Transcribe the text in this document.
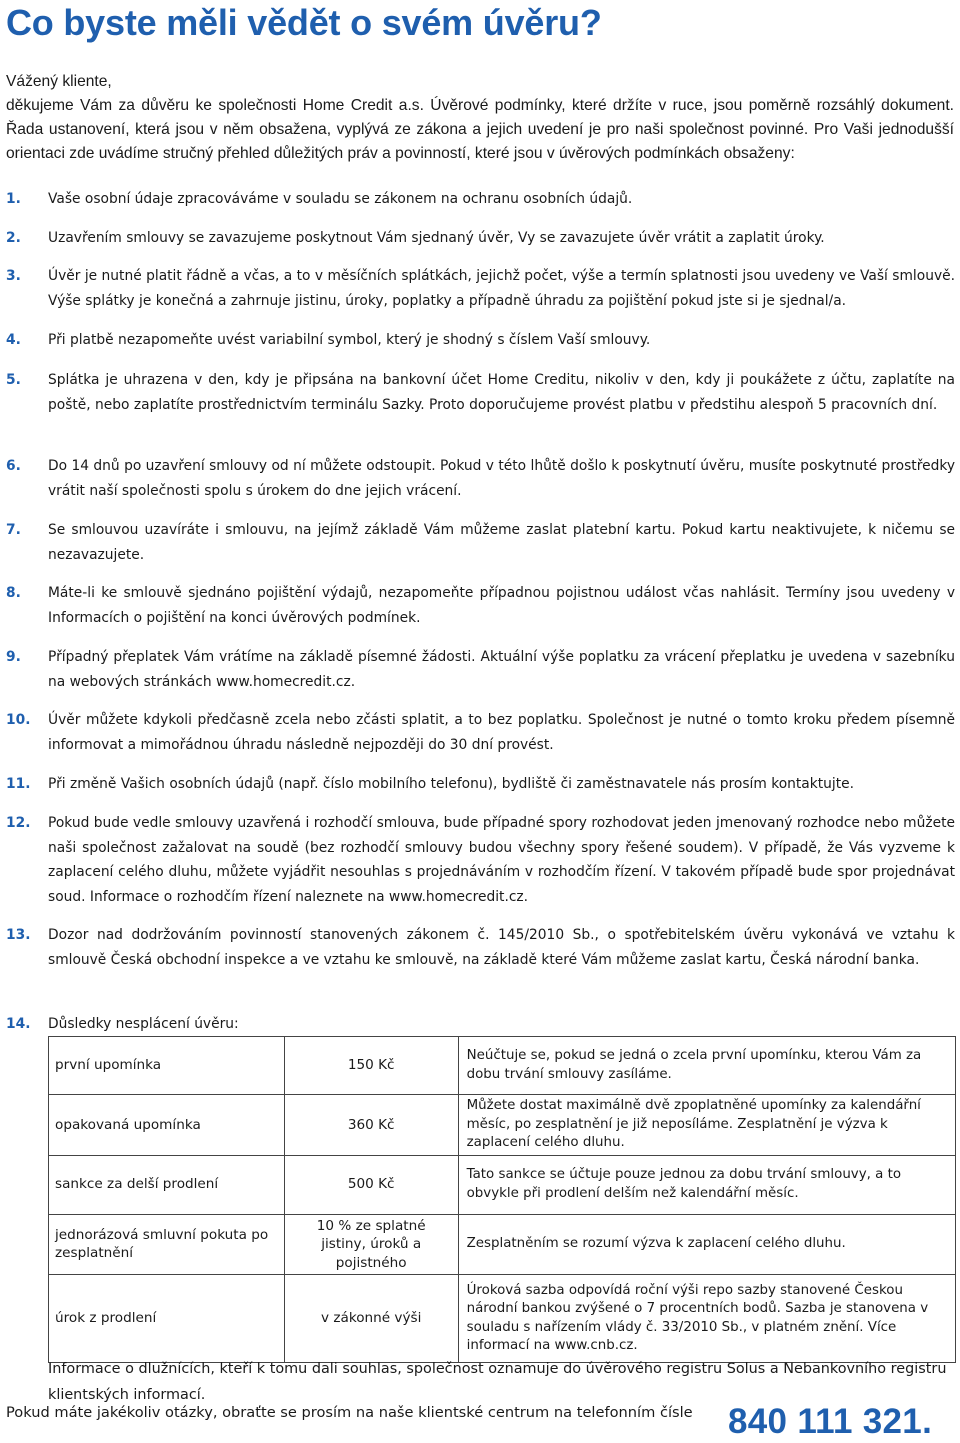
Co byste měli vědět o svém úvěru?

Vážený kliente,

děkujeme Vám za důvěru ke společnosti Home Credit a.s. Úvěrové podmínky, které držíte v ruce, jsou poměrně rozsáhlý dokument. Řada ustanovení, která jsou v něm obsažena, vyplývá ze zákona a jejich uvedení je pro naši společnost povinné. Pro Vaši jednodušší orientaci zde uvádíme stručný přehled důležitých práv a povinností, které jsou v úvěrových podmínkách obsaženy:

1.	Vaše osobní údaje zpracováváme v souladu se zákonem na ochranu osobních údajů.
2.	Uzavřením smlouvy se zavazujeme poskytnout Vám sjednaný úvěr, Vy se zavazujete úvěr vrátit a zaplatit úroky.
3.	Úvěr je nutné platit řádně a včas, a to v měsíčních splátkách, jejichž počet, výše a termín splatnosti jsou uvedeny ve Vaší smlouvě. Výše splátky je konečná a zahrnuje jistinu, úroky, poplatky a případně úhradu za pojištění pokud jste si je sjednal/a.
4.	Při platbě nezapomeňte uvést variabilní symbol, který je shodný s číslem Vaší smlouvy.
5.	Splátka je uhrazena v den, kdy je připsána na bankovní účet Home Creditu, nikoliv v den, kdy ji poukážete z účtu, zaplatíte na poště, nebo zaplatíte prostřednictvím terminálu Sazky. Proto doporučujeme provést platbu v předstihu alespoň 5 pracovních dní.
6.	Do 14 dnů po uzavření smlouvy od ní můžete odstoupit. Pokud v této lhůtě došlo k poskytnutí úvěru, musíte poskytnuté prostředky vrátit naší společnosti spolu s úrokem do dne jejich vrácení.
7.	Se smlouvou uzavíráte i smlouvu, na jejímž základě Vám můžeme zaslat platební kartu. Pokud kartu neaktivujete, k ničemu se nezavazujete.
8.	Máte-li ke smlouvě sjednáno pojištění výdajů, nezapomeňte případnou pojistnou událost včas nahlásit. Termíny jsou uvedeny v Informacích o pojištění na konci úvěrových podmínek.
9.	Případný přeplatek Vám vrátíme na základě písemné žádosti. Aktuální výše poplatku za vrácení přeplatku je uvedena v sazebníku na webových stránkách www.homecredit.cz.
10.	Úvěr můžete kdykoli předčasně zcela nebo zčásti splatit, a to bez poplatku. Společnost je nutné o tomto kroku předem písemně informovat a mimořádnou úhradu následně nejpozději do 30 dní provést.
11.	Při změně Vašich osobních údajů (např. číslo mobilního telefonu), bydliště či zaměstnavatele nás prosím kontaktujte.
12.	Pokud bude vedle smlouvy uzavřená i rozhodčí smlouva, bude případné spory rozhodovat jeden jmenovaný rozhodce nebo můžete naši společnost zažalovat na soudě (bez rozhodčí smlouvy budou všechny spory řešené soudem). V případě, že Vás vyzveme k zaplacení celého dluhu, můžete vyjádřit nesouhlas s projednáváním v rozhodčím řízení. V takovém případě bude spor projednávat soud. Informace o rozhodčím řízení naleznete na www.homecredit.cz.
13.	Dozor nad dodržováním povinností stanovených zákonem č. 145/2010 Sb., o spotřebitelském úvěru vykonává ve vztahu k smlouvě Česká obchodní inspekce a ve vztahu ke smlouvě, na základě které Vám můžeme zaslat kartu, Česká národní banka.
14.	Důsledky nesplácení úvěru:
první upomínka	150 Kč	Neúčtuje se, pokud se jedná o zcela první upomínku, kterou Vám za dobu trvání smlouvy zasíláme.
opakovaná upomínka	360 Kč	Můžete dostat maximálně dvě zpoplatněné upomínky za kalendářní měsíc, po zesplatnění je již neposíláme. Zesplatnění je výzva k zaplacení celého dluhu.
sankce za delší prodlení	500 Kč	Tato sankce se účtuje pouze jednou za dobu trvání smlouvy, a to obvykle při prodlení delším než kalendářní měsíc.
jednorázová smluvní pokuta po zesplatnění	10 % ze splatné jistiny, úroků a pojistného	Zesplatněním se rozumí výzva k zaplacení celého dluhu.
úrok z prodlení	v zákonné výši	Úroková sazba odpovídá roční výši repo sazby stanovené Českou národní bankou zvýšené o 7 procentních bodů. Sazba je stanovena v souladu s nařízením vlády č. 33/2010 Sb., v platném znění. Více informací na www.cnb.cz.

Informace o dlužnících, kteří k tomu dali souhlas, společnost oznamuje do úvěrového registru Solus a Nebankovního registru klientských informací.

Pokud máte jakékoliv otázky, obraťte se prosím na naše klientské centrum na telefonním čísle 840 111 321.
